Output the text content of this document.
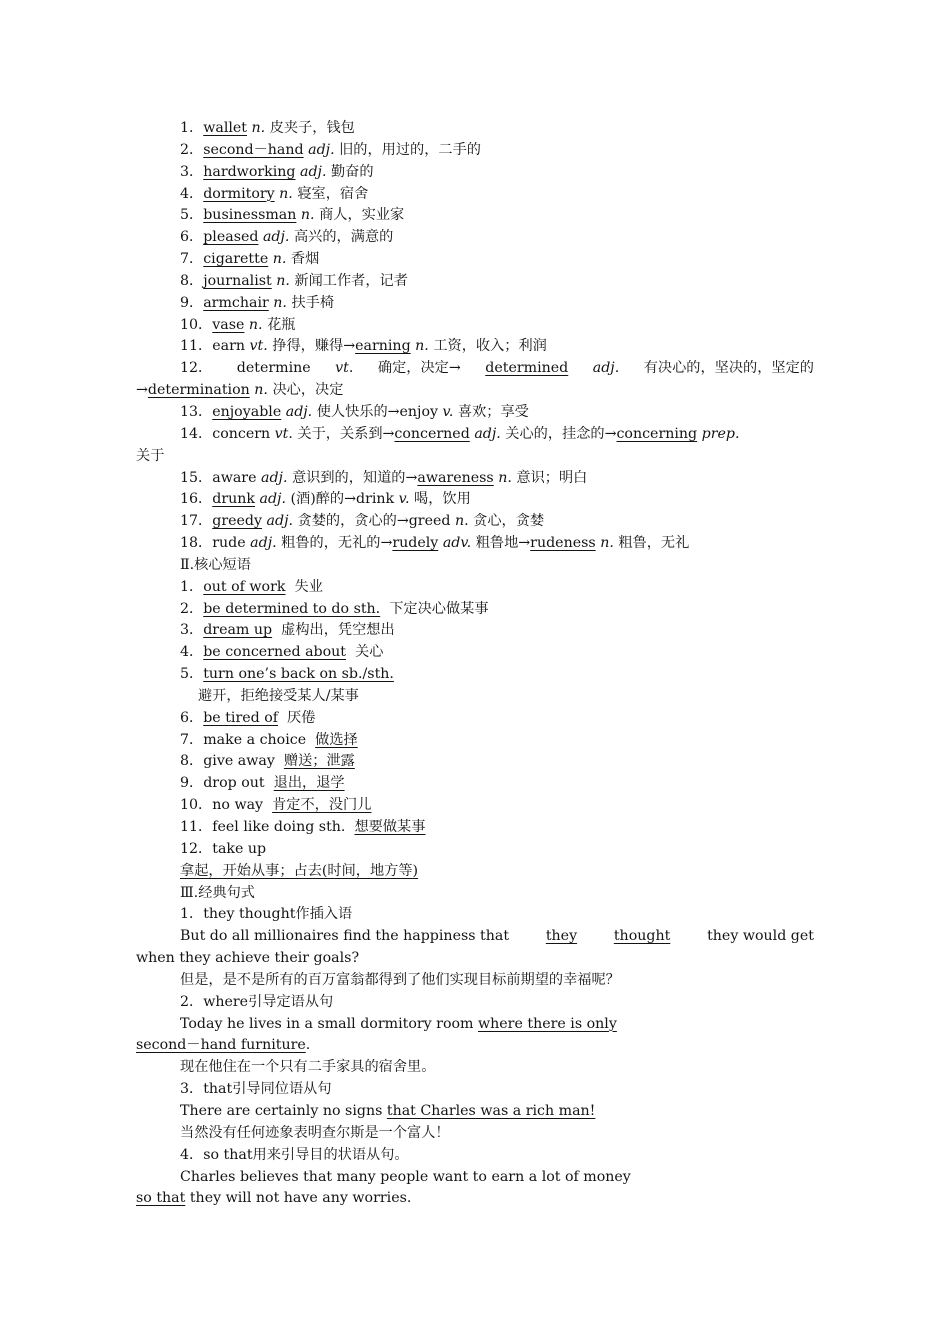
1．wallet n. 皮夹子，钱包
2．second－hand adj. 旧的，用过的，二手的
3．hardworking adj. 勤奋的
4．dormitory n. 寝室，宿舍
5．businessman n. 商人，实业家
6．pleased adj. 高兴的，满意的
7．cigarette n. 香烟
8．journalist n. 新闻工作者，记者
9．armchair n. 扶手椅
10．vase n. 花瓶
11．earn vt. 挣得，赚得→earning n. 工资，收入；利润
12． determine vt. 确定，决定→ determined adj. 有决心的，坚决的，坚定的
→determination n. 决心，决定
13．enjoyable adj. 使人快乐的→enjoy v. 喜欢；享受
14．concern vt. 关于，关系到→concerned adj. 关心的，挂念的→concerning prep.
关于
15．aware adj. 意识到的，知道的→awareness n. 意识；明白
16．drunk adj. (酒)醉的→drink v. 喝，饮用
17．greedy adj. 贪婪的，贪心的→greed n. 贪心，贪婪
18．rude adj. 粗鲁的，无礼的→rudely adv. 粗鲁地→rudeness n. 粗鲁，无礼
Ⅱ.核心短语
1．out of work 失业
2．be determined to do sth. 下定决心做某事
3．dream up 虚构出，凭空想出
4．be concerned about 关心
5．turn one’s back on sb./sth.
避开，拒绝接受某人/某事
6．be tired of 厌倦
7．make a choice 做选择
8．give away 赠送；泄露
9．drop out 退出，退学
10．no way 肯定不，没门儿
11．feel like doing sth. 想要做某事
12．take up
拿起，开始从事；占去(时间，地方等)
Ⅲ.经典句式
1．they thought作插入语
But do all millionaires find the happiness that	they	thought	they would get
when they achieve their goals?
但是，是不是所有的百万富翁都得到了他们实现目标前期望的幸福呢？
2．where引导定语从句
Today he lives in a small dormitory room where there is only
second－hand furniture.
现在他住在一个只有二手家具的宿舍里。
3．that引导同位语从句
There are certainly no signs that Charles was a rich man!
当然没有任何迹象表明查尔斯是一个富人！
4．so that用来引导目的状语从句。
Charles believes that many people want to earn a lot of money
so that they will not have any worries.
